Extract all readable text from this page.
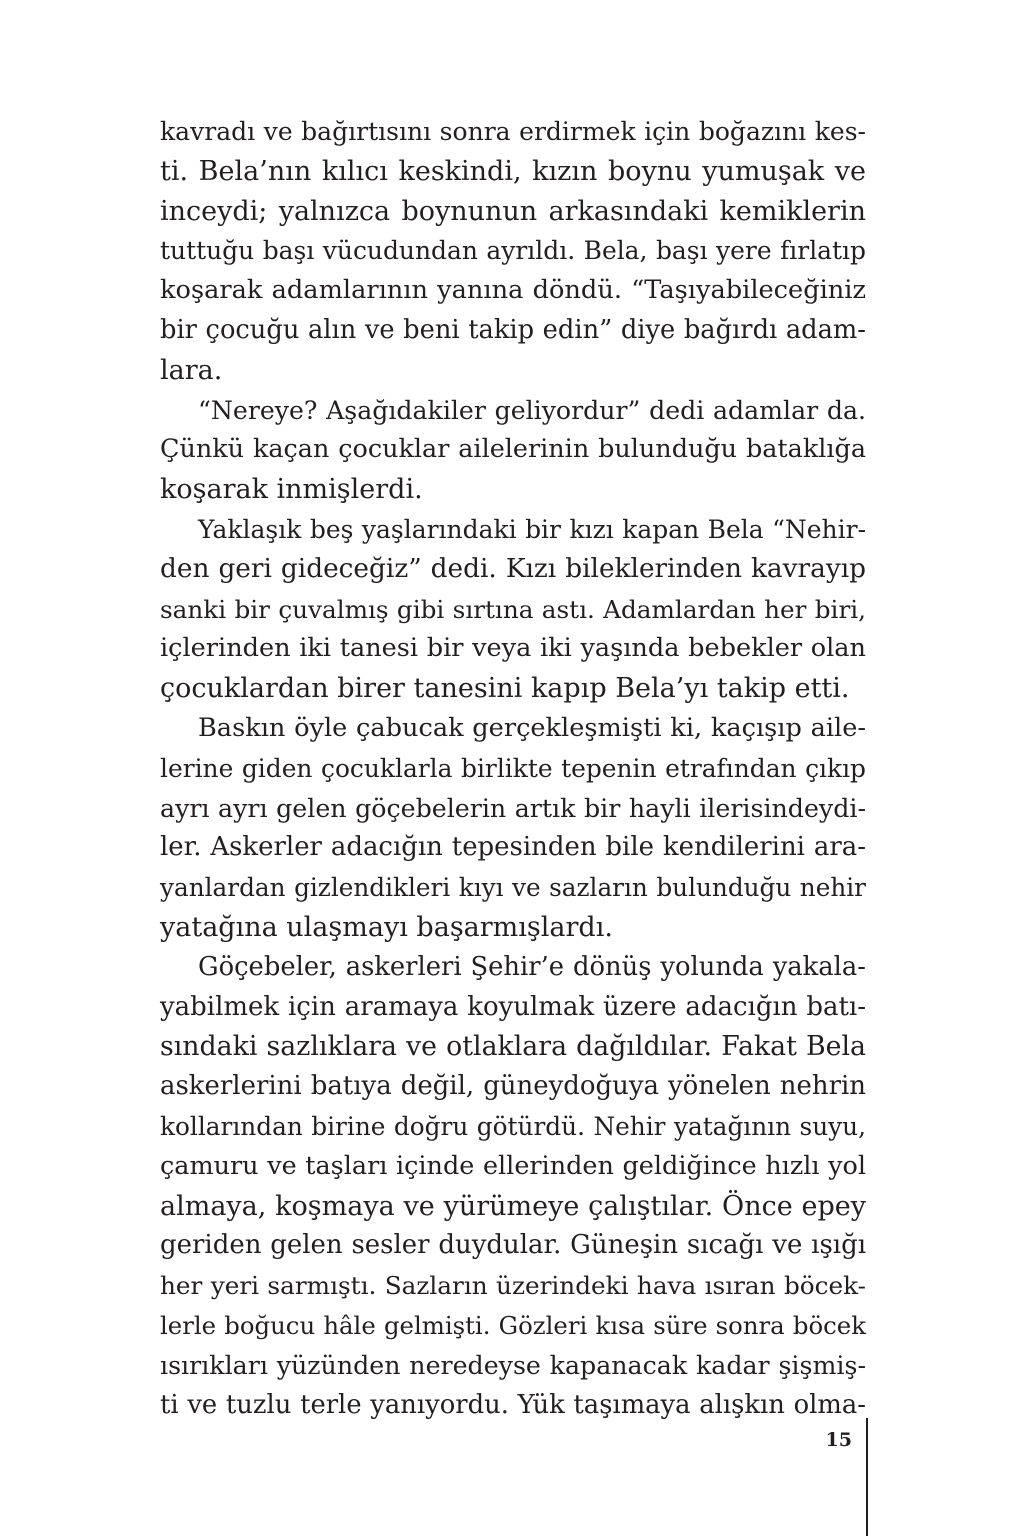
kavradı ve bağırtısını sonra erdirmek için boğazını kes-
ti. Bela’nın kılıcı keskindi, kızın boynu yumuşak ve
inceydi; yalnızca boynunun arkasındaki kemiklerin
tuttuğu başı vücudundan ayrıldı. Bela, başı yere fırlatıp
koşarak adamlarının yanına döndü. “Taşıyabileceğiniz
bir çocuğu alın ve beni takip edin” diye bağırdı adam-
lara.
“Nereye? Aşağıdakiler geliyordur” dedi adamlar da.
Çünkü kaçan çocuklar ailelerinin bulunduğu bataklığa
koşarak inmişlerdi.
Yaklaşık beş yaşlarındaki bir kızı kapan Bela “Nehir-
den geri gideceğiz” dedi. Kızı bileklerinden kavrayıp
sanki bir çuvalmış gibi sırtına astı. Adamlardan her biri,
içlerinden iki tanesi bir veya iki yaşında bebekler olan
çocuklardan birer tanesini kapıp Bela’yı takip etti.
Baskın öyle çabucak gerçekleşmişti ki, kaçışıp aile-
lerine giden çocuklarla birlikte tepenin etrafından çıkıp
ayrı ayrı gelen göçebelerin artık bir hayli ilerisindeydi-
ler. Askerler adacığın tepesinden bile kendilerini ara-
yanlardan gizlendikleri kıyı ve sazların bulunduğu nehir
yatağına ulaşmayı başarmışlardı.
Göçebeler, askerleri Şehir’e dönüş yolunda yakala-
yabilmek için aramaya koyulmak üzere adacığın batı-
sındaki sazlıklara ve otlaklara dağıldılar. Fakat Bela
askerlerini batıya değil, güneydoğuya yönelen nehrin
kollarından birine doğru götürdü. Nehir yatağının suyu,
çamuru ve taşları içinde ellerinden geldiğince hızlı yol
almaya, koşmaya ve yürümeye çalıştılar. Önce epey
geriden gelen sesler duydular. Güneşin sıcağı ve ışığı
her yeri sarmıştı. Sazların üzerindeki hava ısıran böcek-
lerle boğucu hâle gelmişti. Gözleri kısa süre sonra böcek
ısırıkları yüzünden neredeyse kapanacak kadar şişmiş-
ti ve tuzlu terle yanıyordu. Yük taşımaya alışkın olma-
15
